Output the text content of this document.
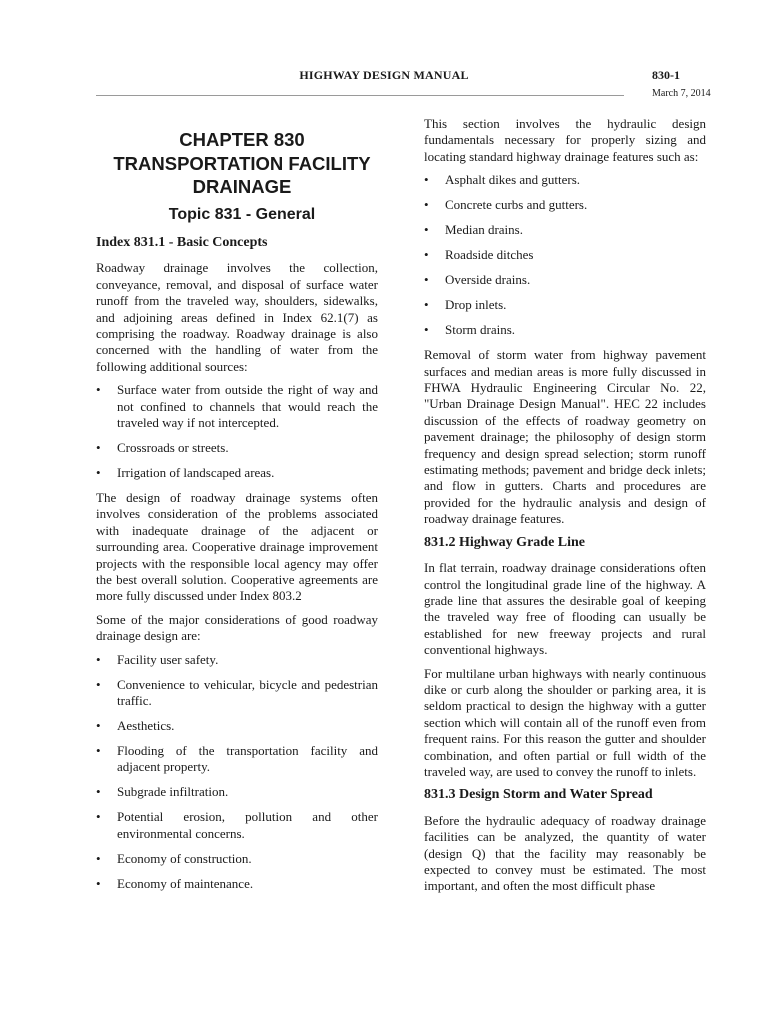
HIGHWAY DESIGN MANUAL	830-1
March 7, 2014
CHAPTER 830
TRANSPORTATION FACILITY
DRAINAGE
Topic 831 - General
Index 831.1 - Basic Concepts

Roadway drainage involves the collection, conveyance, removal, and disposal of surface water runoff from the traveled way, shoulders, sidewalks, and adjoining areas defined in Index 62.1(7) as comprising the roadway. Roadway drainage is also concerned with the handling of water from the following additional sources:

• Surface water from outside the right of way and not confined to channels that would reach the traveled way if not intercepted.
• Crossroads or streets.
• Irrigation of landscaped areas.

The design of roadway drainage systems often involves consideration of the problems associated with inadequate drainage of the adjacent or surrounding area. Cooperative drainage improvement projects with the responsible local agency may offer the best overall solution. Cooperative agreements are more fully discussed under Index 803.2

Some of the major considerations of good roadway drainage design are:

• Facility user safety.
• Convenience to vehicular, bicycle and pedestrian traffic.
• Aesthetics.
• Flooding of the transportation facility and adjacent property.
• Subgrade infiltration.
• Potential erosion, pollution and other environmental concerns.
• Economy of construction.
• Economy of maintenance.

This section involves the hydraulic design fundamentals necessary for properly sizing and locating standard highway drainage features such as:

• Asphalt dikes and gutters.
• Concrete curbs and gutters.
• Median drains.
• Roadside ditches
• Overside drains.
• Drop inlets.
• Storm drains.

Removal of storm water from highway pavement surfaces and median areas is more fully discussed in FHWA Hydraulic Engineering Circular No. 22, "Urban Drainage Design Manual". HEC 22 includes discussion of the effects of roadway geometry on pavement drainage; the philosophy of design storm frequency and design spread selection; storm runoff estimating methods; pavement and bridge deck inlets; and flow in gutters. Charts and procedures are provided for the hydraulic analysis and design of roadway drainage features.

831.2 Highway Grade Line

In flat terrain, roadway drainage considerations often control the longitudinal grade line of the highway. A grade line that assures the desirable goal of keeping the traveled way free of flooding can usually be established for new freeway projects and rural conventional highways.

For multilane urban highways with nearly continuous dike or curb along the shoulder or parking area, it is seldom practical to design the highway with a gutter section which will contain all of the runoff even from frequent rains. For this reason the gutter and shoulder combination, and often partial or full width of the traveled way, are used to convey the runoff to inlets.

831.3 Design Storm and Water Spread

Before the hydraulic adequacy of roadway drainage facilities can be analyzed, the quantity of water (design Q) that the facility may reasonably be expected to convey must be estimated. The most important, and often the most difficult phase
